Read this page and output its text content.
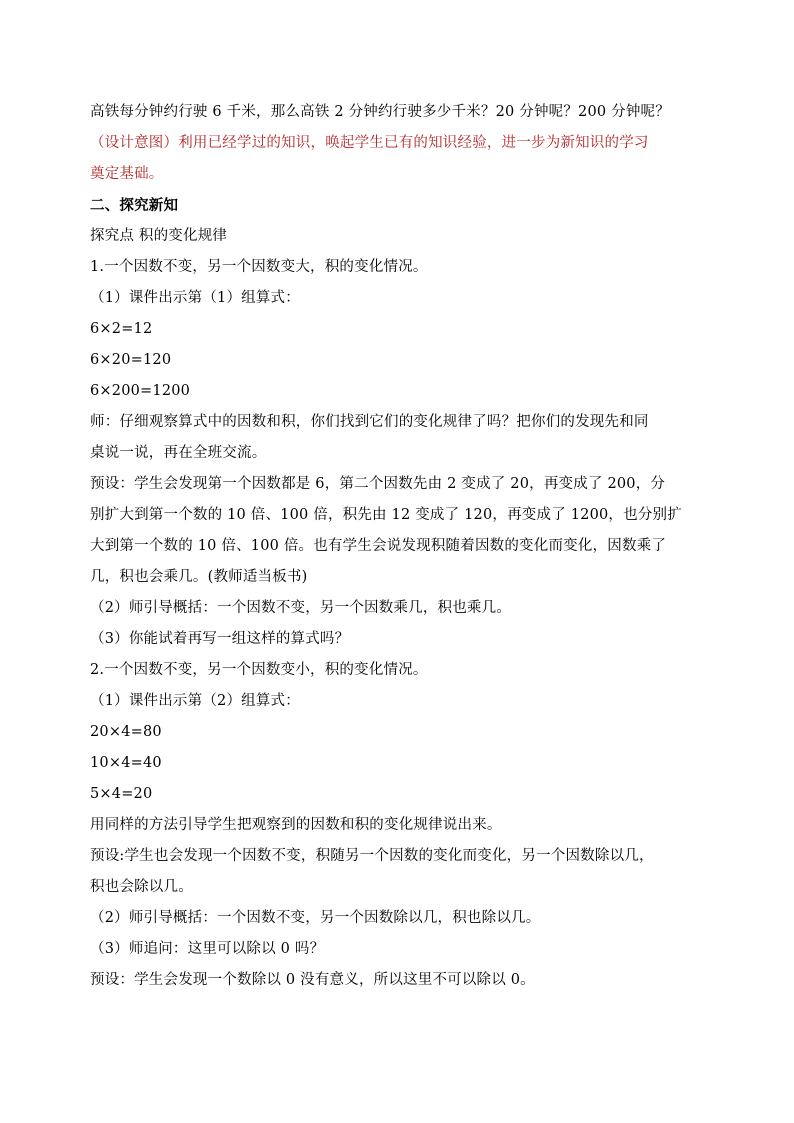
高铁每分钟约行驶 6 千米，那么高铁 2 分钟约行驶多少千米？20 分钟呢？200 分钟呢？
（设计意图）利用已经学过的知识，唤起学生已有的知识经验，进一步为新知识的学习
奠定基础。
二、探究新知
探究点 积的变化规律
1.一个因数不变，另一个因数变大，积的变化情况。
（1）课件出示第（1）组算式：
6×2=12
6×20=120
6×200=1200
师：仔细观察算式中的因数和积，你们找到它们的变化规律了吗？把你们的发现先和同
桌说一说，再在全班交流。
预设：学生会发现第一个因数都是 6，第二个因数先由 2 变成了 20，再变成了 200，分
别扩大到第一个数的 10 倍、100 倍，积先由 12 变成了 120，再变成了 1200，也分别扩
大到第一个数的 10 倍、100 倍。也有学生会说发现积随着因数的变化而变化，因数乘了
几，积也会乘几。(教师适当板书)
（2）师引导概括：一个因数不变，另一个因数乘几，积也乘几。
（3）你能试着再写一组这样的算式吗？
2.一个因数不变，另一个因数变小，积的变化情况。
（1）课件出示第（2）组算式：
20×4=80
10×4=40
5×4=20
用同样的方法引导学生把观察到的因数和积的变化规律说出来。
预设:学生也会发现一个因数不变，积随另一个因数的变化而变化，另一个因数除以几，
积也会除以几。
（2）师引导概括：一个因数不变，另一个因数除以几，积也除以几。
（3）师追问：这里可以除以 0 吗？
预设：学生会发现一个数除以 0 没有意义，所以这里不可以除以 0。
